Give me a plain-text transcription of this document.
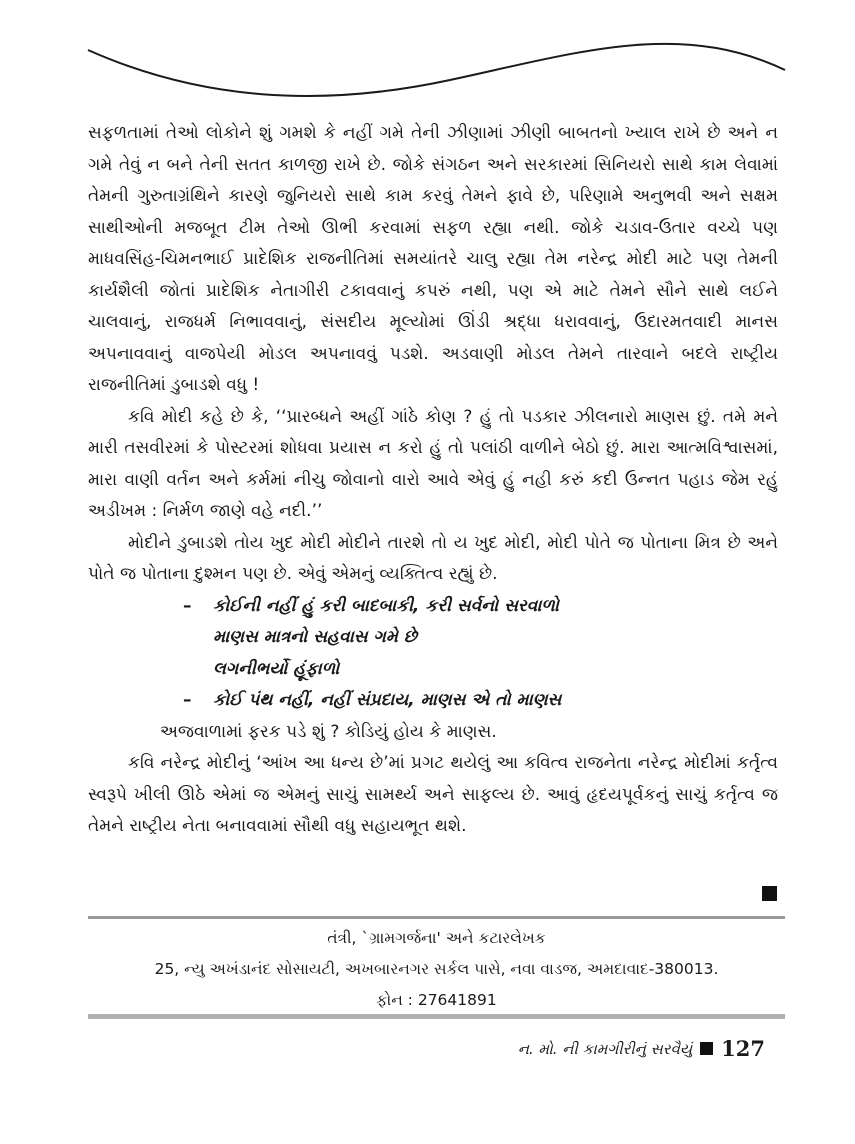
સફળતામાં તેઓ લોકોને શું ગમશે કે નહીં ગમે તેની ઝીણામાં ઝીણી બાબતનો ખ્યાલ રાખે છે અને ન ગમે તેવું ન બને તેની સતત કાળજી રાખે છે. જોકે સંગઠન અને સરકારમાં સિનિયરો સાથે કામ લેવામાં તેમની ગુરુતાગ્રંથિને કારણે જુનિયરો સાથે કામ કરવું તેમને ફાવે છે, પરિણામે અનુભવી અને સક્ષમ સાથીઓની મજબૂત ટીમ તેઓ ઊભી કરવામાં સફળ રહ્યા નથી. જોકે ચડાવ-ઉતાર વચ્ચે પણ માધવસિંહ-ચિમનભાઈ પ્રાદેશિક રાજનીતિમાં સમયાંતરે ચાલુ રહ્યા તેમ નરેન્દ્ર મોદી માટે પણ તેમની કાર્યશૈલી જોતાં પ્રાદેશિક નેતાગીરી ટકાવવાનું કપરું નથી, પણ એ માટે તેમને સૌને સાથે લઈને ચાલવાનું, રાજધર્મ નિભાવવાનું, સંસદીય મૂલ્યોમાં ઊંડી શ્રદ્ધા ધરાવવાનું, ઉદારમતવાદી માનસ અપનાવવાનું વાજપેયી મોડલ અપનાવવું પડશે. અડવાણી મોડલ તેમને તારવાને બદલે રાષ્ટ્રીય રાજનીતિમાં ડુબાડશે વધુ !

કવિ મોદી કહે છે કે, ‘‘પ્રારબ્ધને અહીં ગાંઠે કોણ ? હું તો પડકાર ઝીલનારો માણસ છું. તમે મને મારી તસવીરમાં કે પોસ્ટરમાં શોધવા પ્રયાસ ન કરો હું તો પલાંઠી વાળીને બેઠો છું. મારા આત્મવિશ્વાસમાં, મારા વાણી વર્તન અને કર્મમાં નીચુ જોવાનો વારો આવે એવું હું નહી કરું કદી ઉન્નત પહાડ જેમ રહું અડીખમ : નિર્મળ જાણે વહે નદી.’’

મોદીને ડુબાડશે તોય ખુદ મોદી મોદીને તારશે તો ય ખુદ મોદી, મોદી પોતે જ પોતાના મિત્ર છે અને પોતે જ પોતાના દુશ્મન પણ છે. એવું એમનું વ્યક્તિત્વ રહ્યું છે.

– કોઈની નહીં હું કરી બાદબાકી, કરી સર્વનો સરવાળો
માણસ માત્રનો સહવાસ ગમે છે
લગનીભર્યો હૂંફાળો
– કોઈ પંથ નહીં, નહીં સંપ્રદાય, માણસ એ તો માણસ

અજવાળામાં ફરક પડે શું ? કોડિયું હોય કે માણસ.

કવિ નરેન્દ્ર મોદીનું ‘આંખ આ ધન્ય છે’માં પ્રગટ થયેલું આ કવિત્વ રાજનેતા નરેન્દ્ર મોદીમાં કર્તૃત્વ સ્વરૂપે ખીલી ઊઠે એમાં જ એમનું સાચું સામર્થ્ય અને સાફલ્ય છે. આવું હૃદયપૂર્વકનું સાચું કર્તૃત્વ જ તેમને રાષ્ટ્રીય નેતા બનાવવામાં સૌથી વધુ સહાયભૂત થશે.

તંત્રી, `ગ્રામગર્જના' અને કટારલેખક
25, ન્યુ અખંડાનંદ સોસાયટી, અખબારનગર સર્કલ પાસે, નવા વાડજ, અમદાવાદ-380013.
ફોન : 27641891
ન. મો. ની કામગીરીનું સરવૈયું 127
